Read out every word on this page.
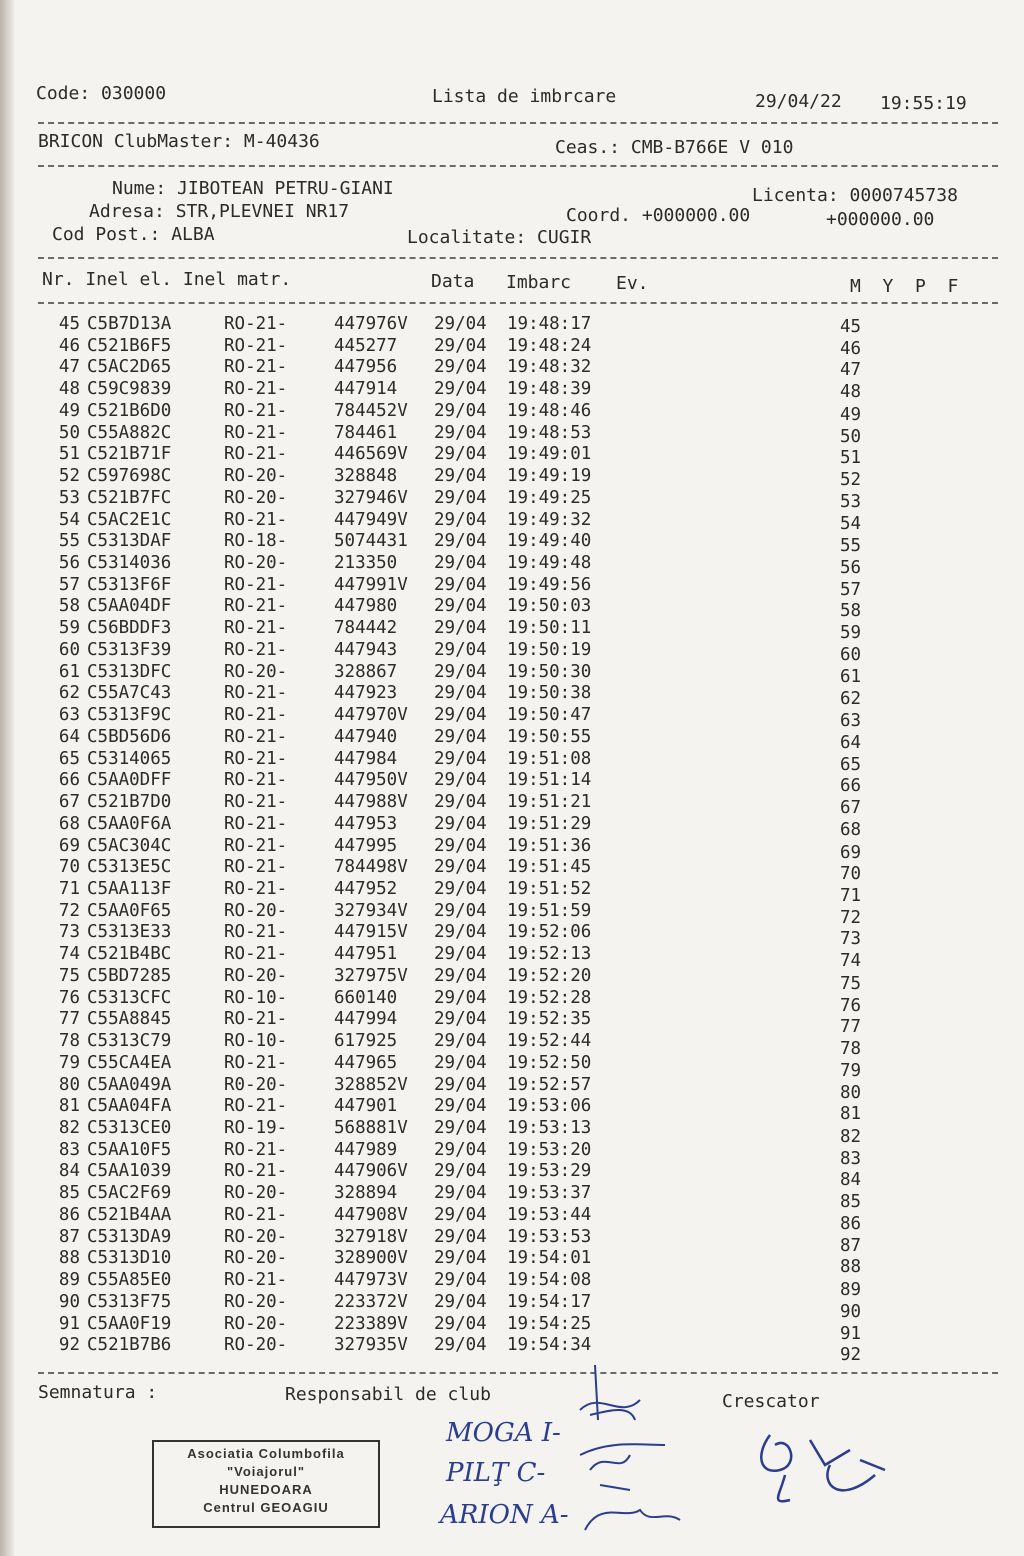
Code: 030000	Lista de imbrcare	29/04/22 19:55:19
BRICON ClubMaster: M-40436	Ceas.: CMB-B766E V 010
Nume: JIBOTEAN PETRU-GIANI	Licenta: 0000745738
Adresa: STR,PLEVNEI NR17	Coord. +000000.00	+000000.00
Cod Post.: ALBA	Localitate: CUGIR
Nr. Inel el. Inel matr.	Data Imbarc Ev.	M  Y  P  F
45 C5B7D13A	RO-21-	447976V 29/04 19:48:17	45
46 C521B6F5	RO-21-	445277 29/04 19:48:24	46
47 C5AC2D65	RO-21-	447956 29/04 19:48:32	47
48 C59C9839	RO-21-	447914 29/04 19:48:39	48
49 C521B6D0	RO-21-	784452V 29/04 19:48:46	49
50 C55A882C	RO-21-	784461 29/04 19:48:53	50
51 C521B71F	RO-21-	446569V 29/04 19:49:01	51
52 C597698C	RO-20-	328848 29/04 19:49:19	52
53 C521B7FC	RO-20-	327946V 29/04 19:49:25	53
54 C5AC2E1C	RO-21-	447949V 29/04 19:49:32	54
55 C5313DAF	RO-18-	5074431 29/04 19:49:40	55
56 C5314036	RO-20-	213350 29/04 19:49:48	56
57 C5313F6F	RO-21-	447991V 29/04 19:49:56	57
58 C5AA04DF	RO-21-	447980 29/04 19:50:03	58
59 C56BDDF3	RO-21-	784442 29/04 19:50:11	59
60 C5313F39	RO-21-	447943 29/04 19:50:19	60
61 C5313DFC	RO-20-	328867 29/04 19:50:30	61
62 C55A7C43	RO-21-	447923 29/04 19:50:38	62
63 C5313F9C	RO-21-	447970V 29/04 19:50:47	63
64 C5BD56D6	RO-21-	447940 29/04 19:50:55	64
65 C5314065	RO-21-	447984 29/04 19:51:08	65
66 C5AA0DFF	RO-21-	447950V 29/04 19:51:14	66
67 C521B7D0	RO-21-	447988V 29/04 19:51:21	67
68 C5AA0F6A	RO-21-	447953 29/04 19:51:29	68
69 C5AC304C	RO-21-	447995 29/04 19:51:36	69
70 C5313E5C	RO-21-	784498V 29/04 19:51:45	70
71 C5AA113F	RO-21-	447952 29/04 19:51:52	71
72 C5AA0F65	RO-20-	327934V 29/04 19:51:59	72
73 C5313E33	RO-21-	447915V 29/04 19:52:06	73
74 C521B4BC	RO-21-	447951 29/04 19:52:13	74
75 C5BD7285	RO-20-	327975V 29/04 19:52:20	75
76 C5313CFC	RO-10-	660140 29/04 19:52:28	76
77 C55A8845	RO-21-	447994 29/04 19:52:35	77
78 C5313C79	RO-10-	617925 29/04 19:52:44	78
79 C55CA4EA	RO-21-	447965 29/04 19:52:50	79
80 C5AA049A	R0-20-	328852V 29/04 19:52:57	80
81 C5AA04FA	RO-21-	447901 29/04 19:53:06	81
82 C5313CE0	RO-19-	568881V 29/04 19:53:13	82
83 C5AA10F5	RO-21-	447989 29/04 19:53:20	83
84 C5AA1039	RO-21-	447906V 29/04 19:53:29	84
85 C5AC2F69	RO-20-	328894 29/04 19:53:37	85
86 C521B4AA	RO-21-	447908V 29/04 19:53:44	86
87 C5313DA9	RO-20-	327918V 29/04 19:53:53	87
88 C5313D10	RO-20-	328900V 29/04 19:54:01	88
89 C55A85E0	RO-21-	447973V 29/04 19:54:08	89
90 C5313F75	RO-20-	223372V 29/04 19:54:17	90
91 C5AA0F19	RO-20-	223389V 29/04 19:54:25	91
92 C521B7B6	RO-20-	327935V 29/04 19:54:34	92
Semnatura :	Responsabil de club	Crescator
Asociatia Columbofila
"Voiajorul"
HUNEDOARA
Centrul GEOAGIU
MOGA I-
PILŢ C-
ARION A-
